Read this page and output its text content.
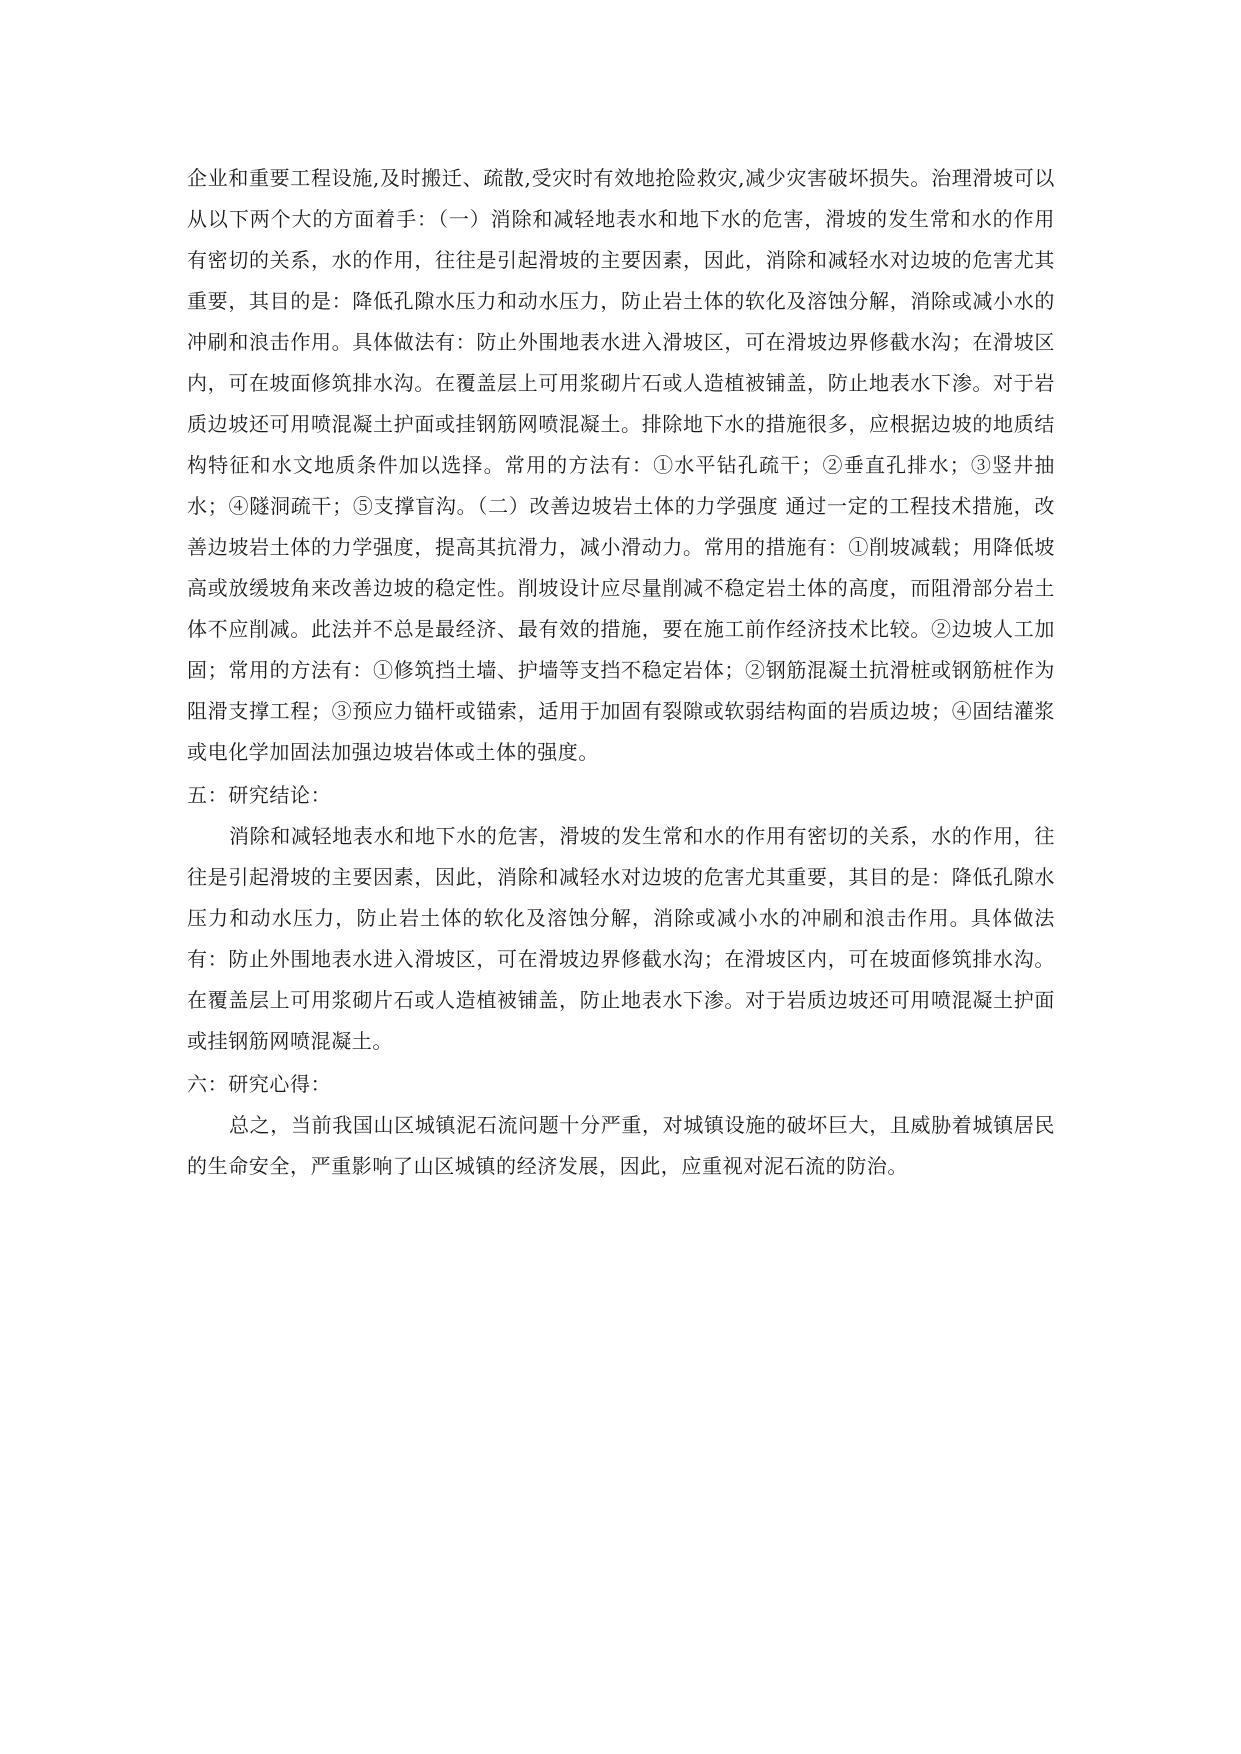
企业和重要工程设施,及时搬迁、疏散,受灾时有效地抢险救灾,减少灾害破坏损失。治理滑坡可以从以下两个大的方面着手：（一）消除和减轻地表水和地下水的危害，滑坡的发生常和水的作用有密切的关系，水的作用，往往是引起滑坡的主要因素，因此，消除和减轻水对边坡的危害尤其重要，其目的是：降低孔隙水压力和动水压力，防止岩土体的软化及溶蚀分解，消除或减小水的冲刷和浪击作用。具体做法有：防止外围地表水进入滑坡区，可在滑坡边界修截水沟；在滑坡区内，可在坡面修筑排水沟。在覆盖层上可用浆砌片石或人造植被铺盖，防止地表水下渗。对于岩质边坡还可用喷混凝土护面或挂钢筋网喷混凝土。排除地下水的措施很多，应根据边坡的地质结构特征和水文地质条件加以选择。常用的方法有：①水平钻孔疏干；②垂直孔排水；③竖井抽水；④隧洞疏干；⑤支撑盲沟。（二）改善边坡岩土体的力学强度 通过一定的工程技术措施，改善边坡岩土体的力学强度，提高其抗滑力，减小滑动力。常用的措施有：①削坡减载；用降低坡高或放缓坡角来改善边坡的稳定性。削坡设计应尽量削减不稳定岩土体的高度，而阻滑部分岩土体不应削减。此法并不总是最经济、最有效的措施，要在施工前作经济技术比较。②边坡人工加固；常用的方法有：①修筑挡土墙、护墙等支挡不稳定岩体；②钢筋混凝土抗滑桩或钢筋桩作为阻滑支撑工程；③预应力锚杆或锚索，适用于加固有裂隙或软弱结构面的岩质边坡；④固结灌浆或电化学加固法加强边坡岩体或土体的强度。

五：研究结论：

消除和减轻地表水和地下水的危害，滑坡的发生常和水的作用有密切的关系，水的作用，往往是引起滑坡的主要因素，因此，消除和减轻水对边坡的危害尤其重要，其目的是：降低孔隙水压力和动水压力，防止岩土体的软化及溶蚀分解，消除或减小水的冲刷和浪击作用。具体做法有：防止外围地表水进入滑坡区，可在滑坡边界修截水沟；在滑坡区内，可在坡面修筑排水沟。在覆盖层上可用浆砌片石或人造植被铺盖，防止地表水下渗。对于岩质边坡还可用喷混凝土护面或挂钢筋网喷混凝土。

六：研究心得：

总之，当前我国山区城镇泥石流问题十分严重，对城镇设施的破坏巨大，且威胁着城镇居民的生命安全，严重影响了山区城镇的经济发展，因此，应重视对泥石流的防治。
